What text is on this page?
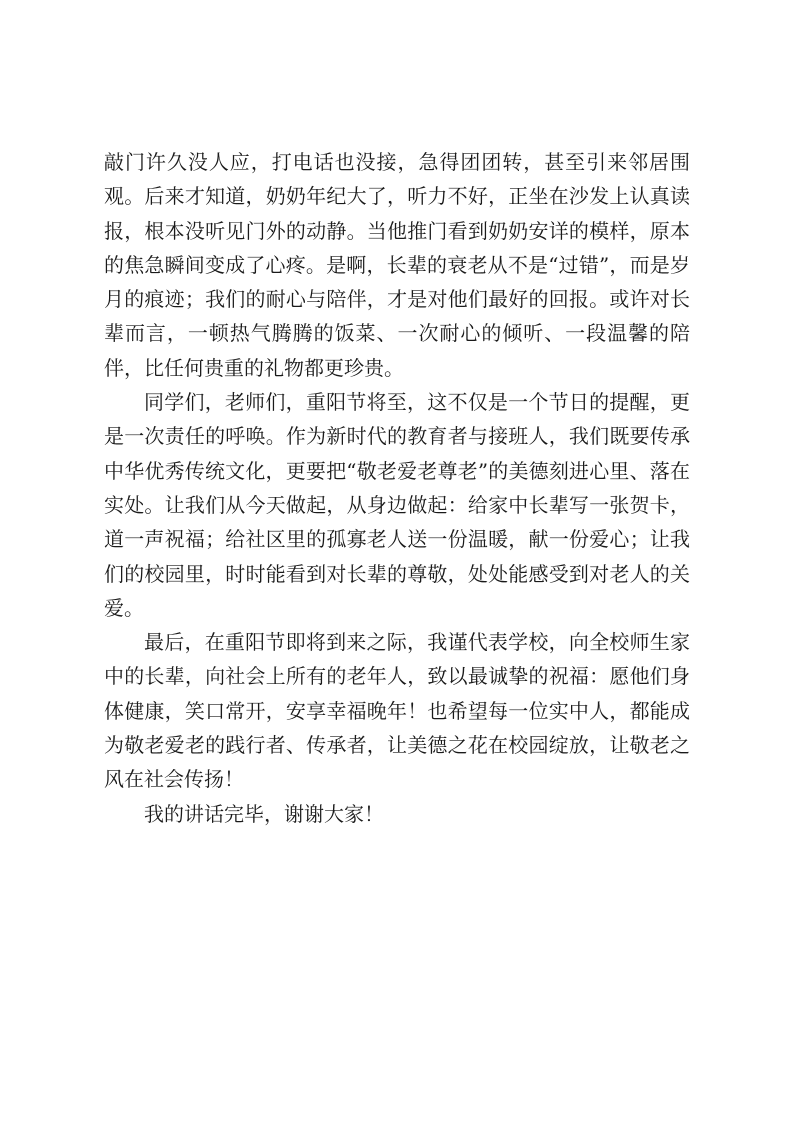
敲门许久没人应，打电话也没接，急得团团转，甚至引来邻居围观。后来才知道，奶奶年纪大了，听力不好，正坐在沙发上认真读报，根本没听见门外的动静。当他推门看到奶奶安详的模样，原本的焦急瞬间变成了心疼。是啊，长辈的衰老从不是“过错”，而是岁月的痕迹；我们的耐心与陪伴，才是对他们最好的回报。或许对长辈而言，一顿热气腾腾的饭菜、一次耐心的倾听、一段温馨的陪伴，比任何贵重的礼物都更珍贵。

同学们，老师们，重阳节将至，这不仅是一个节日的提醒，更是一次责任的呼唤。作为新时代的教育者与接班人，我们既要传承中华优秀传统文化，更要把“敬老爱老尊老”的美德刻进心里、落在实处。让我们从今天做起，从身边做起：给家中长辈写一张贺卡，道一声祝福；给社区里的孤寡老人送一份温暖，献一份爱心；让我们的校园里，时时能看到对长辈的尊敬，处处能感受到对老人的关爱。

最后，在重阳节即将到来之际，我谨代表学校，向全校师生家中的长辈，向社会上所有的老年人，致以最诚挚的祝福：愿他们身体健康，笑口常开，安享幸福晚年！也希望每一位实中人，都能成为敬老爱老的践行者、传承者，让美德之花在校园绽放，让敬老之风在社会传扬！

我的讲话完毕，谢谢大家！
